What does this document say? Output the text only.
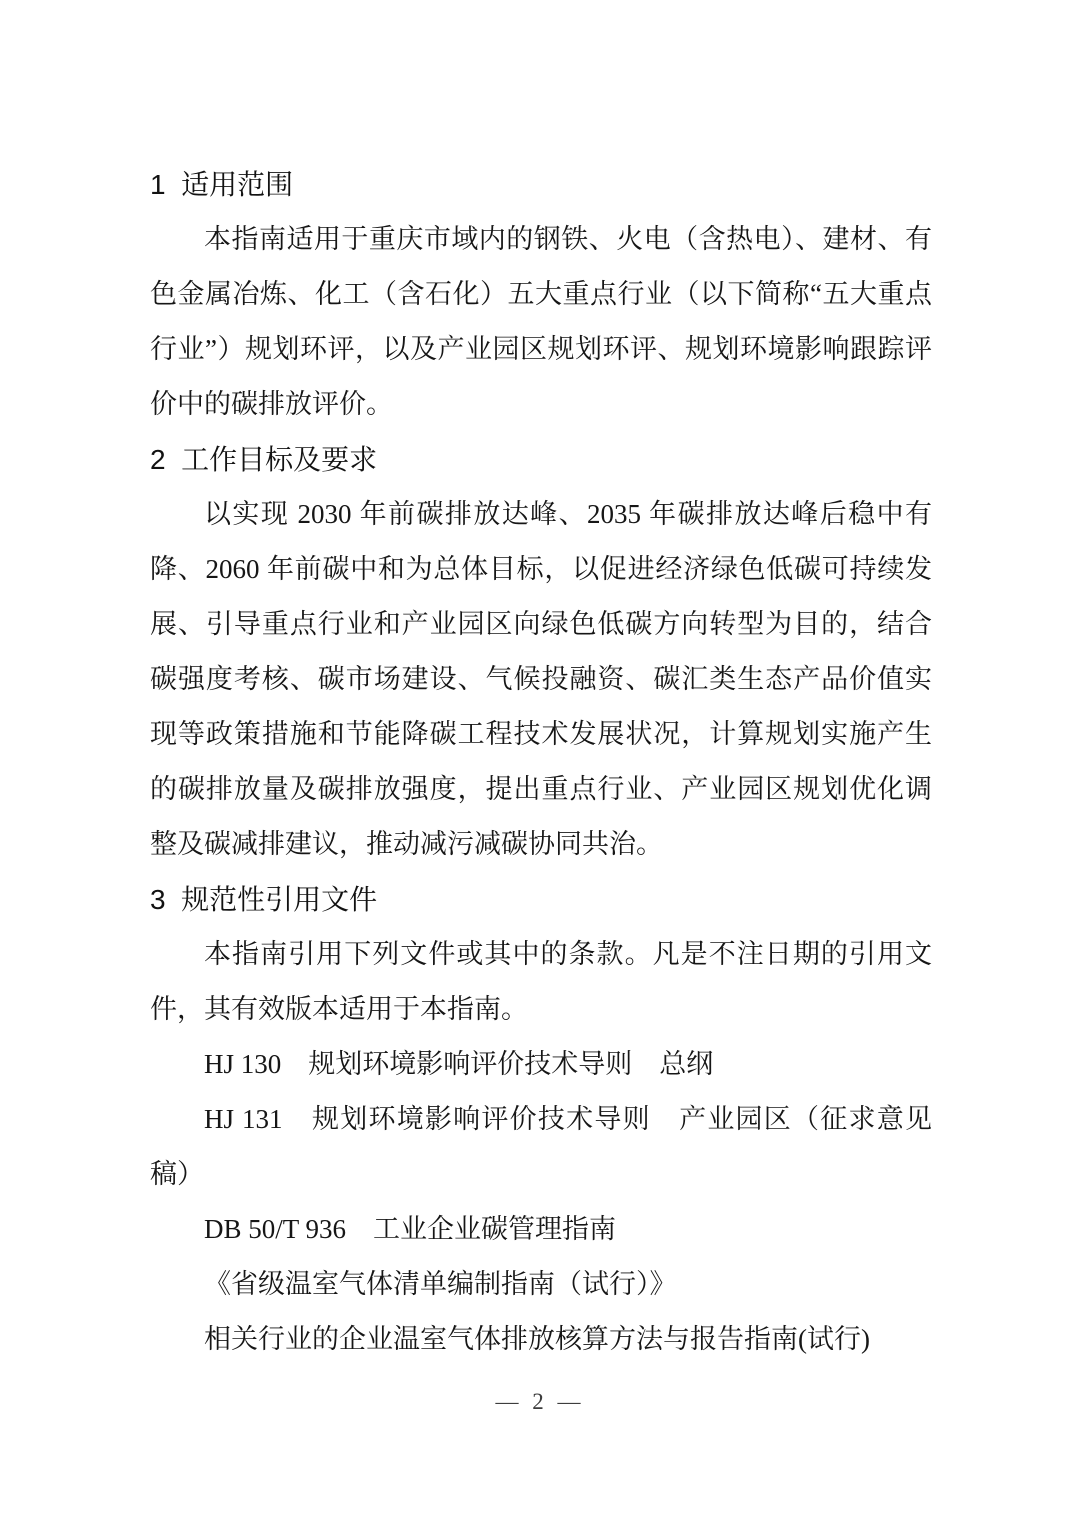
1  适用范围

本指南适用于重庆市域内的钢铁、火电（含热电）、建材、有色金属冶炼、化工（含石化）五大重点行业（以下简称“五大重点行业”）规划环评，以及产业园区规划环评、规划环境影响跟踪评价中的碳排放评价。

2  工作目标及要求

以实现 2030 年前碳排放达峰、2035 年碳排放达峰后稳中有降、2060 年前碳中和为总体目标，以促进经济绿色低碳可持续发展、引导重点行业和产业园区向绿色低碳方向转型为目的，结合碳强度考核、碳市场建设、气候投融资、碳汇类生态产品价值实现等政策措施和节能降碳工程技术发展状况，计算规划实施产生的碳排放量及碳排放强度，提出重点行业、产业园区规划优化调整及碳减排建议，推动减污减碳协同共治。

3  规范性引用文件

本指南引用下列文件或其中的条款。凡是不注日期的引用文件，其有效版本适用于本指南。

HJ 130　规划环境影响评价技术导则　总纲

HJ 131　规划环境影响评价技术导则　产业园区（征求意见稿）

DB 50/T 936　工业企业碳管理指南

《省级温室气体清单编制指南（试行）》

相关行业的企业温室气体排放核算方法与报告指南(试行)

— 2 —
